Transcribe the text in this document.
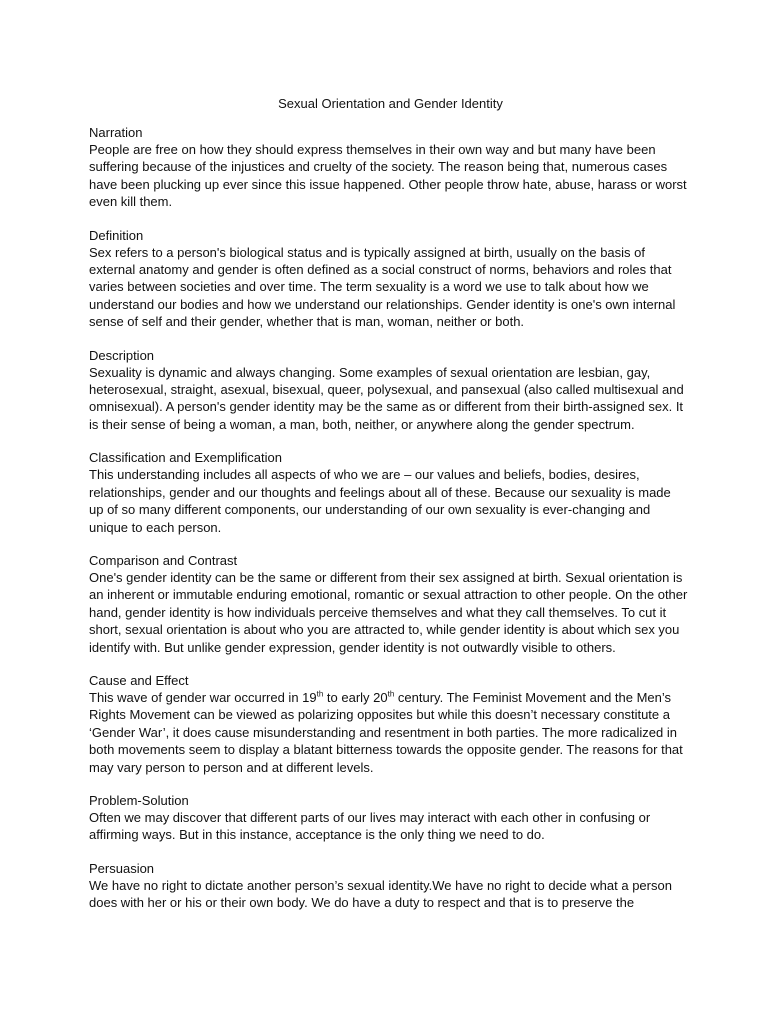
Sexual Orientation and Gender Identity
Narration
People are free on how they should express themselves in their own way and but many have been suffering because of the injustices and cruelty of the society. The reason being that, numerous cases have been plucking up ever since this issue happened. Other people throw hate, abuse, harass or worst even kill them.
Definition
Sex refers to a person's biological status and is typically assigned at birth, usually on the basis of external anatomy and gender is often defined as a social construct of norms, behaviors and roles that varies between societies and over time. The term sexuality is a word we use to talk about how we understand our bodies and how we understand our relationships. Gender identity is one's own internal sense of self and their gender, whether that is man, woman, neither or both.
Description
Sexuality is dynamic and always changing. Some examples of sexual orientation are lesbian, gay, heterosexual, straight, asexual, bisexual, queer, polysexual, and pansexual (also called multisexual and omnisexual). A person's gender identity may be the same as or different from their birth-assigned sex. It is their sense of being a woman, a man, both, neither, or anywhere along the gender spectrum.
Classification and Exemplification
This understanding includes all aspects of who we are – our values and beliefs, bodies, desires, relationships, gender and our thoughts and feelings about all of these. Because our sexuality is made up of so many different components, our understanding of our own sexuality is ever-changing and unique to each person.
Comparison and Contrast
One's gender identity can be the same or different from their sex assigned at birth. Sexual orientation is an inherent or immutable enduring emotional, romantic or sexual attraction to other people. On the other hand, gender identity is how individuals perceive themselves and what they call themselves. To cut it short, sexual orientation is about who you are attracted to, while gender identity is about which sex you identify with. But unlike gender expression, gender identity is not outwardly visible to others.
Cause and Effect
This wave of gender war occurred in 19th to early 20th century. The Feminist Movement and the Men’s Rights Movement can be viewed as polarizing opposites but while this doesn’t necessary constitute a ‘Gender War’, it does cause misunderstanding and resentment in both parties. The more radicalized in both movements seem to display a blatant bitterness towards the opposite gender. The reasons for that may vary person to person and at different levels.
Problem-Solution
Often we may discover that different parts of our lives may interact with each other in confusing or affirming ways. But in this instance, acceptance is the only thing we need to do.
Persuasion
We have no right to dictate another person’s sexual identity.We have no right to decide what a person does with her or his or their own body. We do have a duty to respect and that is to preserve the
